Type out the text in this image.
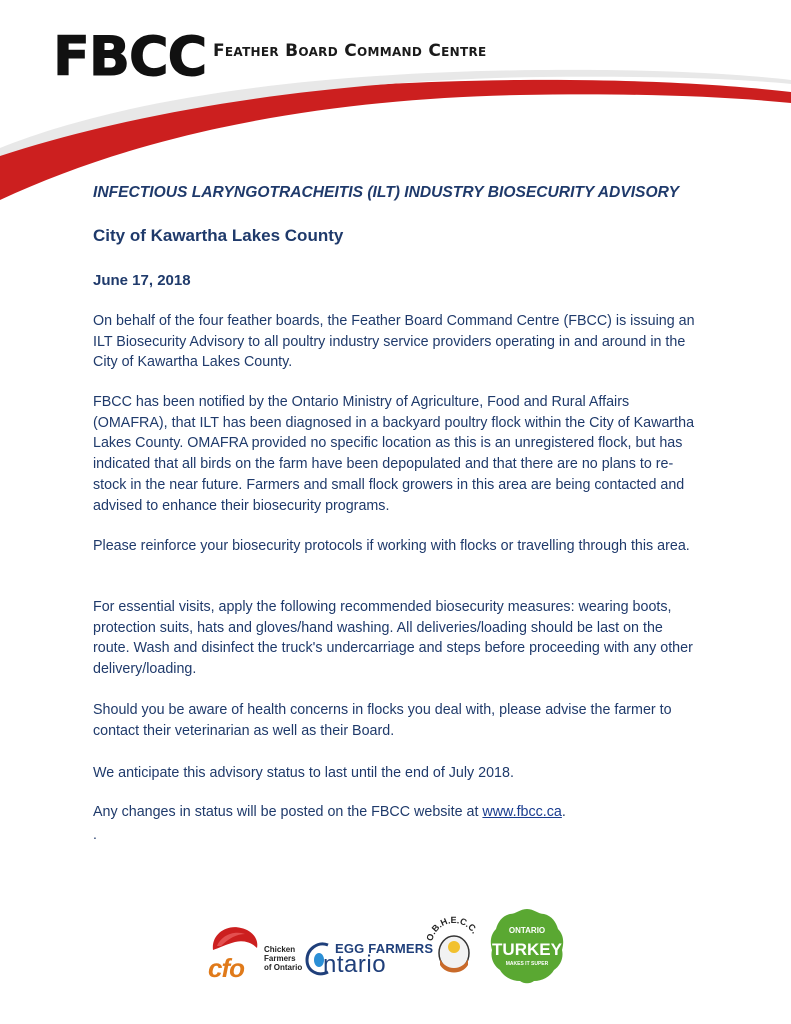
FBCC Feather Board Command Centre
INFECTIOUS LARYNGOTRACHEITIS (ILT) INDUSTRY BIOSECURITY ADVISORY
City of Kawartha Lakes County
June 17, 2018
On behalf of the four feather boards, the Feather Board Command Centre (FBCC) is issuing an ILT Biosecurity Advisory to all poultry industry service providers operating in and around in the City of Kawartha Lakes County.
FBCC has been notified by the Ontario Ministry of Agriculture, Food and Rural Affairs (OMAFRA), that ILT has been diagnosed in a backyard poultry flock within the City of Kawartha Lakes County. OMAFRA provided no specific location as this is an unregistered flock, but has indicated that all birds on the farm have been depopulated and that there are no plans to re-stock in the near future. Farmers and small flock growers in this area are being contacted and advised to enhance their biosecurity programs.
Please reinforce your biosecurity protocols if working with flocks or travelling through this area.
For essential visits, apply the following recommended biosecurity measures: wearing boots, protection suits, hats and gloves/hand washing. All deliveries/loading should be last on the route. Wash and disinfect the truck's undercarriage and steps before proceeding with any other delivery/loading.
Should you be aware of health concerns in flocks you deal with, please advise the farmer to contact their veterinarian as well as their Board.
We anticipate this advisory status to last until the end of July 2018.
Any changes in status will be posted on the FBCC website at www.fbcc.ca.
.
cfo
Chicken
Farmers
of Ontario
EGG FARMERS
ntario
O.B.H.E.C.C.	ONTARIO
TURKEY
MAKES IT SUPER
